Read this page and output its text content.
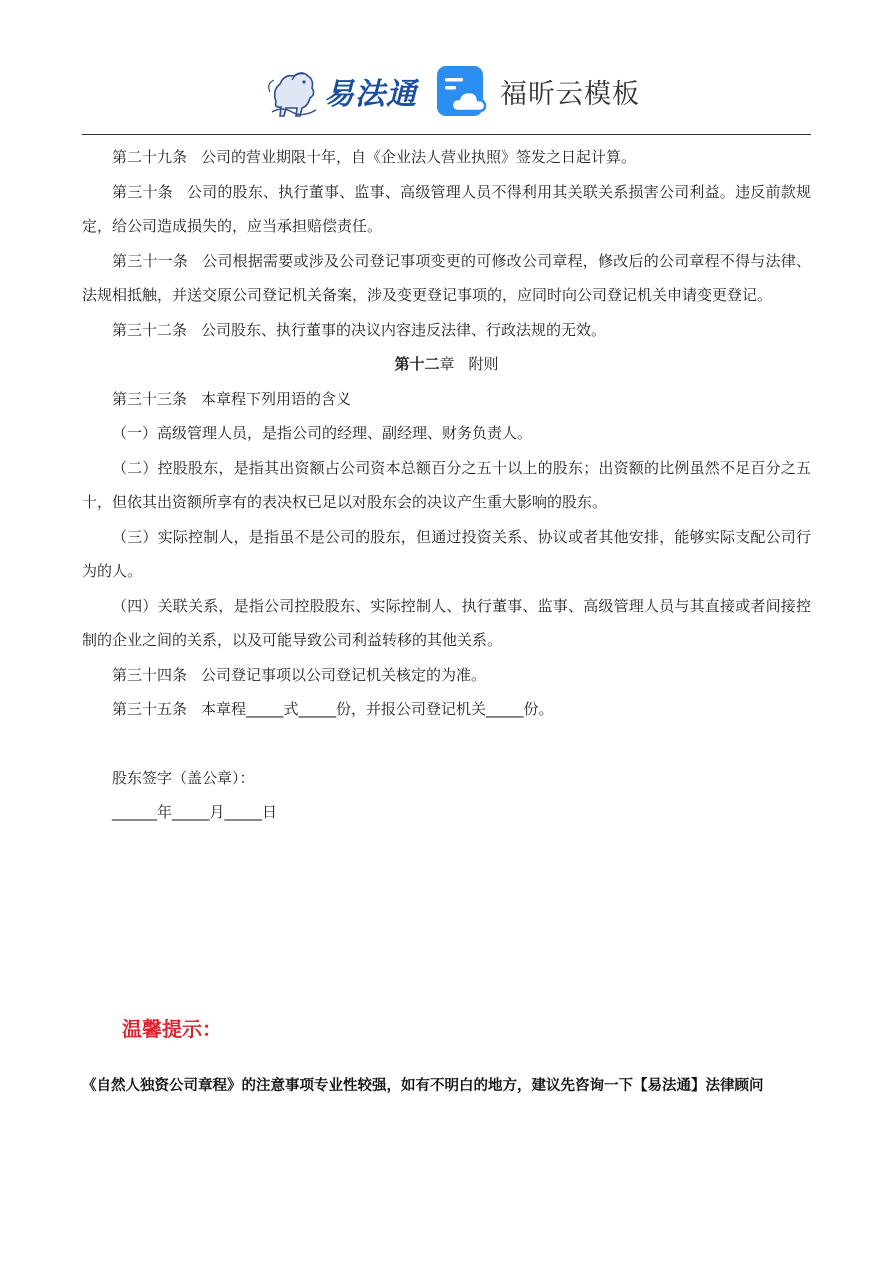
易法通	福昕云模板

第二十九条 公司的营业期限十年，自《企业法人营业执照》签发之日起计算。

第三十条 公司的股东、执行董事、监事、高级管理人员不得利用其关联关系损害公司利益。违反前款规定，给公司造成损失的，应当承担赔偿责任。

第三十一条 公司根据需要或涉及公司登记事项变更的可修改公司章程，修改后的公司章程不得与法律、法规相抵触，并送交原公司登记机关备案，涉及变更登记事项的，应同时向公司登记机关申请变更登记。

第三十二条 公司股东、执行董事的决议内容违反法律、行政法规的无效。

第十二章 附则

第三十三条 本章程下列用语的含义

（一）高级管理人员，是指公司的经理、副经理、财务负责人。

（二）控股股东，是指其出资额占公司资本总额百分之五十以上的股东；出资额的比例虽然不足百分之五十，但依其出资额所享有的表决权已足以对股东会的决议产生重大影响的股东。

（三）实际控制人，是指虽不是公司的股东，但通过投资关系、协议或者其他安排，能够实际支配公司行为的人。

（四）关联关系，是指公司控股股东、实际控制人、执行董事、监事、高级管理人员与其直接或者间接控制的企业之间的关系，以及可能导致公司利益转移的其他关系。

第三十四条 公司登记事项以公司登记机关核定的为准。

第三十五条 本章程_____式_____份，并报公司登记机关_____份。

股东签字（盖公章）：

______年_____月_____日

温馨提示：
《自然人独资公司章程》的注意事项专业性较强，如有不明白的地方，建议先咨询一下【易法通】法律顾问
